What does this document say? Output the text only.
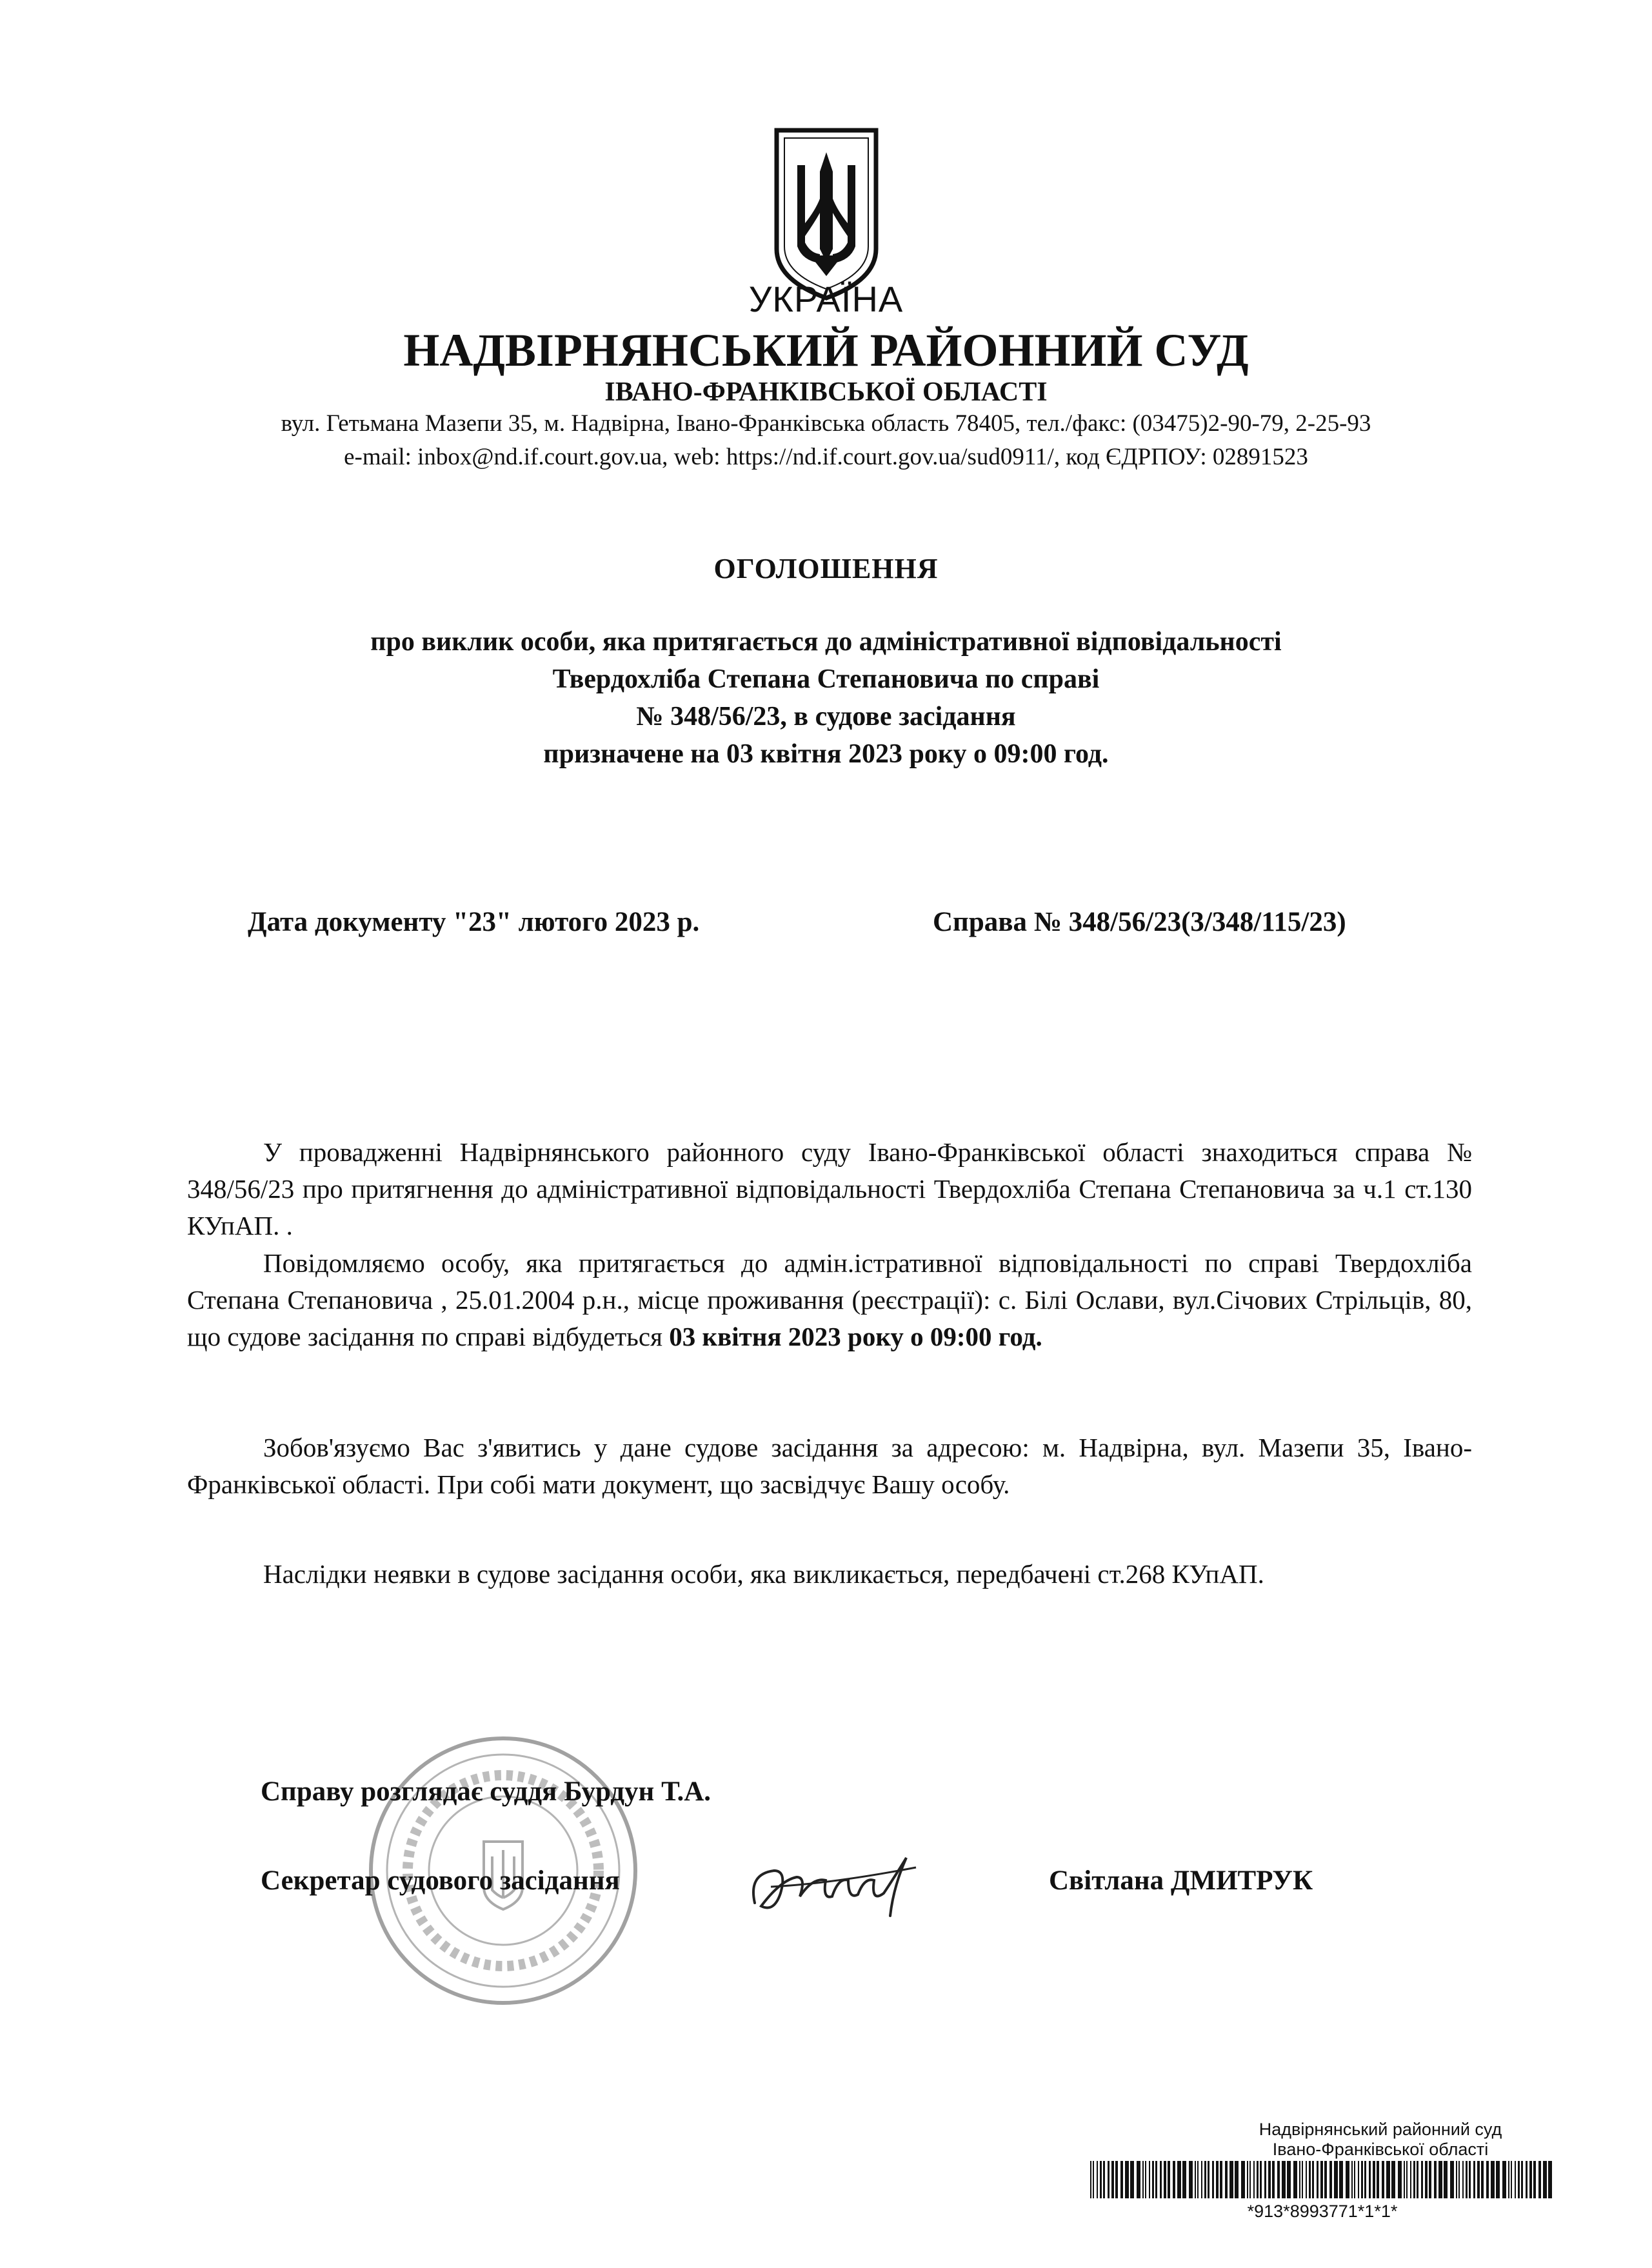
УКРАЇНА
НАДВІРНЯНСЬКИЙ РАЙОННИЙ СУД
ІВАНО-ФРАНКІВСЬКОЇ ОБЛАСТІ
вул. Гетьмана Мазепи 35, м. Надвірна, Івано-Франківська область 78405, тел./факс: (03475)2-90-79, 2-25-93
e-mail: inbox@nd.if.court.gov.ua, web: https://nd.if.court.gov.ua/sud0911/, код ЄДРПОУ: 02891523
ОГОЛОШЕННЯ
про виклик особи, яка притягається до адміністративної відповідальності
Твердохліба Степана Степановича по справі
№ 348/56/23, в судове засідання
призначене на 03 квітня 2023 року о 09:00 год.
Дата документу "23" лютого 2023 р.	Справа № 348/56/23(3/348/115/23)
У провадженні Надвірнянського районного суду Івано-Франківської області знаходиться справа № 348/56/23 про притягнення до адміністративної відповідальності Твердохліба Степана Степановича за ч.1 ст.130 КУпАП. .
Повідомляємо особу, яка притягається до адмін.іcтративної відповідальності по справі Твердохліба Степана Степановича , 25.01.2004 р.н., місце проживання (реєстрації): с. Білі Ослави, вул.Січових Стрільців, 80, що судове засідання по справі відбудеться 03 квітня 2023 року о 09:00 год.
Зобов'язуємо Вас з'явитись у дане судове засідання за адресою: м. Надвірна, вул. Мазепи 35, Івано-Франківської області. При собі мати документ, що засвідчує Вашу особу.
Наслідки неявки в судове засідання особи, яка викликається, передбачені ст.268 КУпАП.
Справу розглядає суддя Бурдун Т.А.
Секретар судового засідання	Світлана ДМИТРУК
Надвірнянський районний суд
Івано-Франківської області
*913*8993771*1*1*
